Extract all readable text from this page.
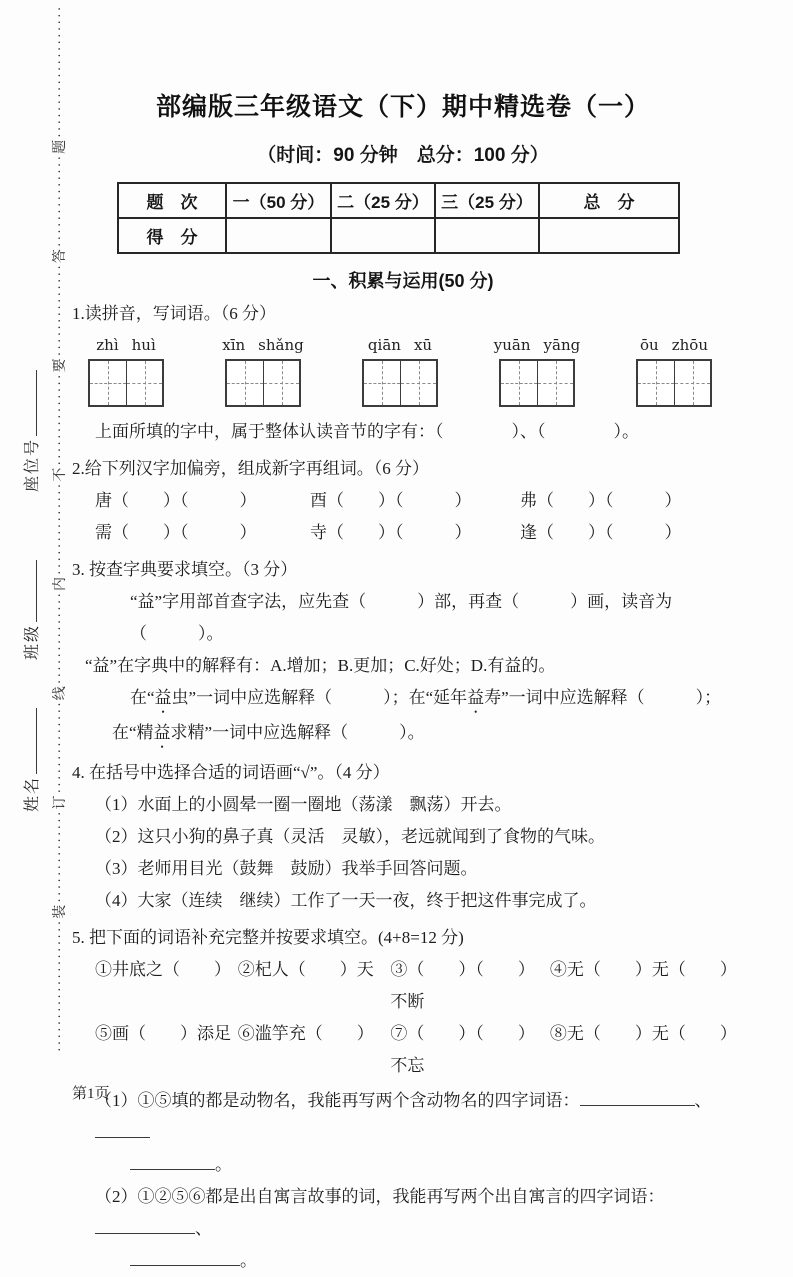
····················装··············订··············线··············内··············不··············要··············答··············题····················
座位号
班级
姓名
部编版三年级语文（下）期中精选卷（一）
（时间：90 分钟　总分：100 分）
题　次	一（50 分）	二（25 分）	三（25 分）	总　分
得　分				
一、积累与运用(50 分)

1.读拼音，写词语。（6 分）

zhì huì	xīn shǎng	qiān xū	yuān yāng	ōu zhōu

上面所填的字中，属于整体认读音节的字有：（　　　　）、（　　　　）。

2.给下列汉字加偏旁，组成新字再组词。（6 分）

唐（　　）（　　　）	酉（　　）（　　　）	弗（　　）（　　　）

需（　　）（　　　）	寺（　　）（　　　）	逢（　　）（　　　）

3. 按查字典要求填空。（3 分）

“益”字用部首查字法，应先查（　　　）部，再查（　　　）画，读音为（　　　）。

“益”在字典中的解释有：A.增加；B.更加；C.好处；D.有益的。

在“益虫”一词中应选解释（　　　）；在“延年益寿”一词中应选解释（　　　）；

在“精益求精”一词中应选解释（　　　）。

4. 在括号中选择合适的词语画“√”。（4 分）

（1）水面上的小圆晕一圈一圈地（荡漾　飘荡）开去。

（2）这只小狗的鼻子真（灵活　灵敏），老远就闻到了食物的气味。

（3）老师用目光（鼓舞　鼓励）我举手回答问题。

（4）大家（连续　继续）工作了一天一夜，终于把这件事完成了。

5. 把下面的词语补充完整并按要求填空。(4+8=12 分)

①井底之（　　） ②杞人（　　）天 ③（　　）（　　）不断
④无（　　）无（　　）

⑤画（　　）添足 ⑥滥竽充（　　） ⑦（　　）（　　）不忘
⑧无（　　）无（　　）

（1）①⑤填的都是动物名，我能再写两个含动物名的四字词语：	、

。

（2）①②⑤⑥都是出自寓言故事的词，我能再写两个出自寓言的四字词语：、

。

第1页
